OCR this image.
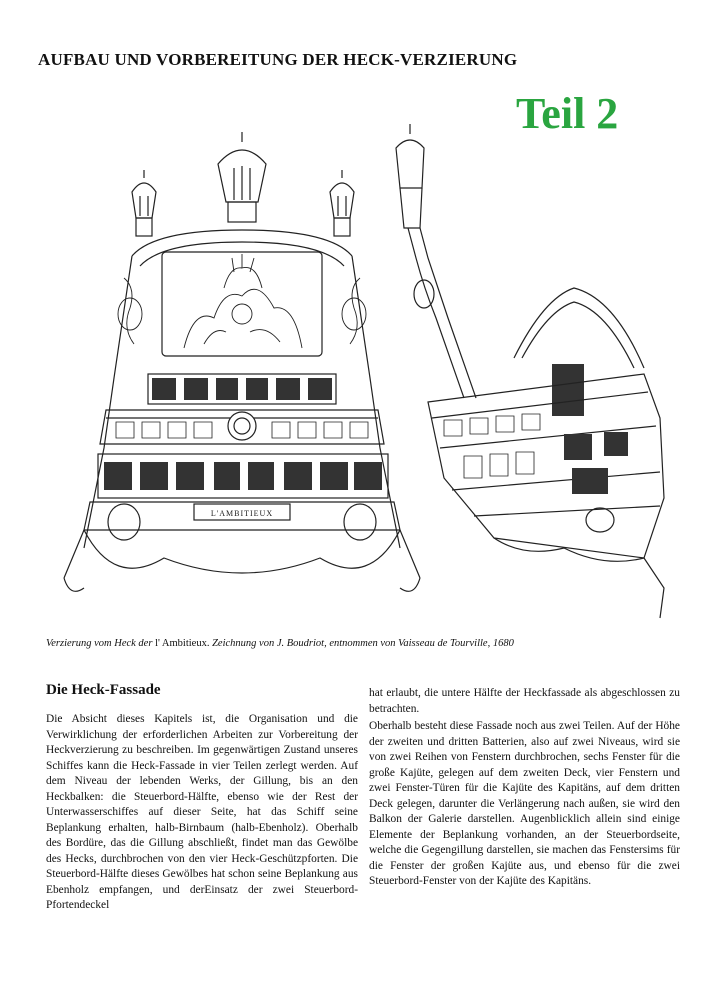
AUFBAU UND VORBEREITUNG DER HECK-VERZIERUNG
Teil 2
L'AMBITIEUX
Verzierung vom Heck der l' Ambitieux. Zeichnung von J. Boudriot, entnommen von Vaisseau de Tourville, 1680
Die Heck-Fassade

Die Absicht dieses Kapitels ist, die Organisation und die Verwirklichung der erforderlichen Arbeiten zur Vorbereitung der Heckverzierung zu beschreiben. Im gegenwärtigen Zustand unseres Schiffes kann die Heck-Fassade in vier Teilen zerlegt werden. Auf dem Niveau der lebenden Werks, der Gillung, bis an den Heckbalken: die Steuerbord-Hälfte, ebenso wie der Rest der Unterwasserschiffes auf dieser Seite, hat das Schiff seine Beplankung erhalten, halb-Birnbaum (halb-Ebenholz). Oberhalb des Bordüre, das die Gillung abschließt, findet man das Gewölbe des Hecks, durchbrochen von den vier Heck-Geschützpforten. Die Steuerbord-Hälfte dieses Gewölbes hat schon seine Beplankung aus Ebenholz empfangen, und derEinsatz der zwei Steuerbord-Pfortendeckel

hat erlaubt, die untere Hälfte der Heckfassade als abgeschlossen zu betrachten.

Oberhalb besteht diese Fassade noch aus zwei Teilen. Auf der Höhe der zweiten und dritten Batterien, also auf zwei Niveaus, wird sie von zwei Reihen von Fenstern durchbrochen, sechs Fenster für die große Kajüte, gelegen auf dem zweiten Deck, vier Fenstern und zwei Fenster-Türen für die Kajüte des Kapitäns, auf dem dritten Deck gelegen, darunter die Verlängerung nach außen, sie wird den Balkon der Galerie darstellen. Augenblicklich allein sind einige Elemente der Beplankung vorhanden, an der Steuerbordseite, welche die Gegengillung darstellen, sie machen das Fenstersims für die Fenster der großen Kajüte aus, und ebenso für die zwei Steuerbord-Fenster von der Kajüte des Kapitäns.
